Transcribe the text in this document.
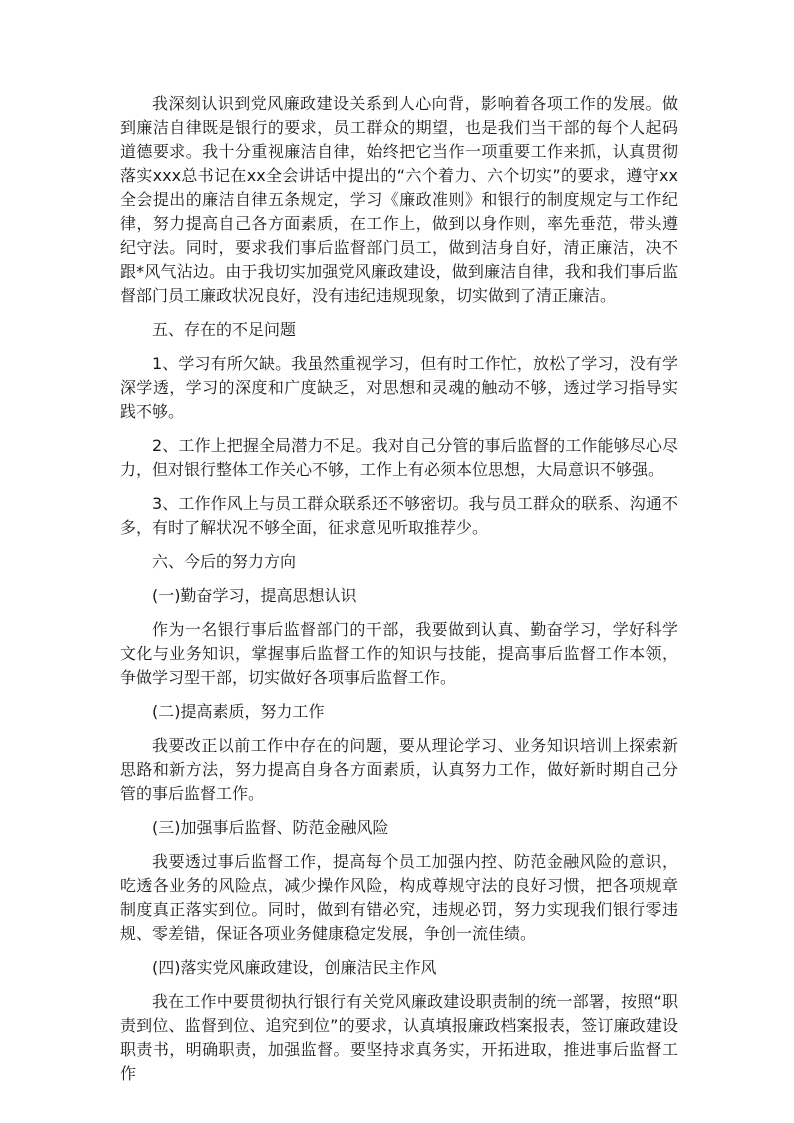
我深刻认识到党风廉政建设关系到人心向背，影响着各项工作的发展。做到廉洁自律既是银行的要求，员工群众的期望，也是我们当干部的每个人起码道德要求。我十分重视廉洁自律，始终把它当作一项重要工作来抓，认真贯彻落实xxx总书记在xx全会讲话中提出的“六个着力、六个切实”的要求，遵守xx全会提出的廉洁自律五条规定，学习《廉政准则》和银行的制度规定与工作纪律，努力提高自己各方面素质，在工作上，做到以身作则，率先垂范，带头遵纪守法。同时，要求我们事后监督部门员工，做到洁身自好，清正廉洁，决不跟*风气沾边。由于我切实加强党风廉政建设，做到廉洁自律，我和我们事后监督部门员工廉政状况良好，没有违纪违规现象，切实做到了清正廉洁。

五、存在的不足问题

1、学习有所欠缺。我虽然重视学习，但有时工作忙，放松了学习，没有学深学透，学习的深度和广度缺乏，对思想和灵魂的触动不够，透过学习指导实践不够。

2、工作上把握全局潜力不足。我对自己分管的事后监督的工作能够尽心尽力，但对银行整体工作关心不够，工作上有必须本位思想，大局意识不够强。

3、工作作风上与员工群众联系还不够密切。我与员工群众的联系、沟通不多，有时了解状况不够全面，征求意见听取推荐少。

六、今后的努力方向

(一)勤奋学习，提高思想认识

作为一名银行事后监督部门的干部，我要做到认真、勤奋学习，学好科学文化与业务知识，掌握事后监督工作的知识与技能，提高事后监督工作本领，争做学习型干部，切实做好各项事后监督工作。

(二)提高素质，努力工作

我要改正以前工作中存在的问题，要从理论学习、业务知识培训上探索新思路和新方法，努力提高自身各方面素质，认真努力工作，做好新时期自己分管的事后监督工作。

(三)加强事后监督、防范金融风险

我要透过事后监督工作，提高每个员工加强内控、防范金融风险的意识，吃透各业务的风险点，减少操作风险，构成尊规守法的良好习惯，把各项规章制度真正落实到位。同时，做到有错必究，违规必罚，努力实现我们银行零违规、零差错，保证各项业务健康稳定发展，争创一流佳绩。

(四)落实党风廉政建设，创廉洁民主作风

我在工作中要贯彻执行银行有关党风廉政建设职责制的统一部署，按照“职责到位、监督到位、追究到位”的要求，认真填报廉政档案报表，签订廉政建设职责书，明确职责，加强监督。要坚持求真务实，开拓进取，推进事后监督工作
